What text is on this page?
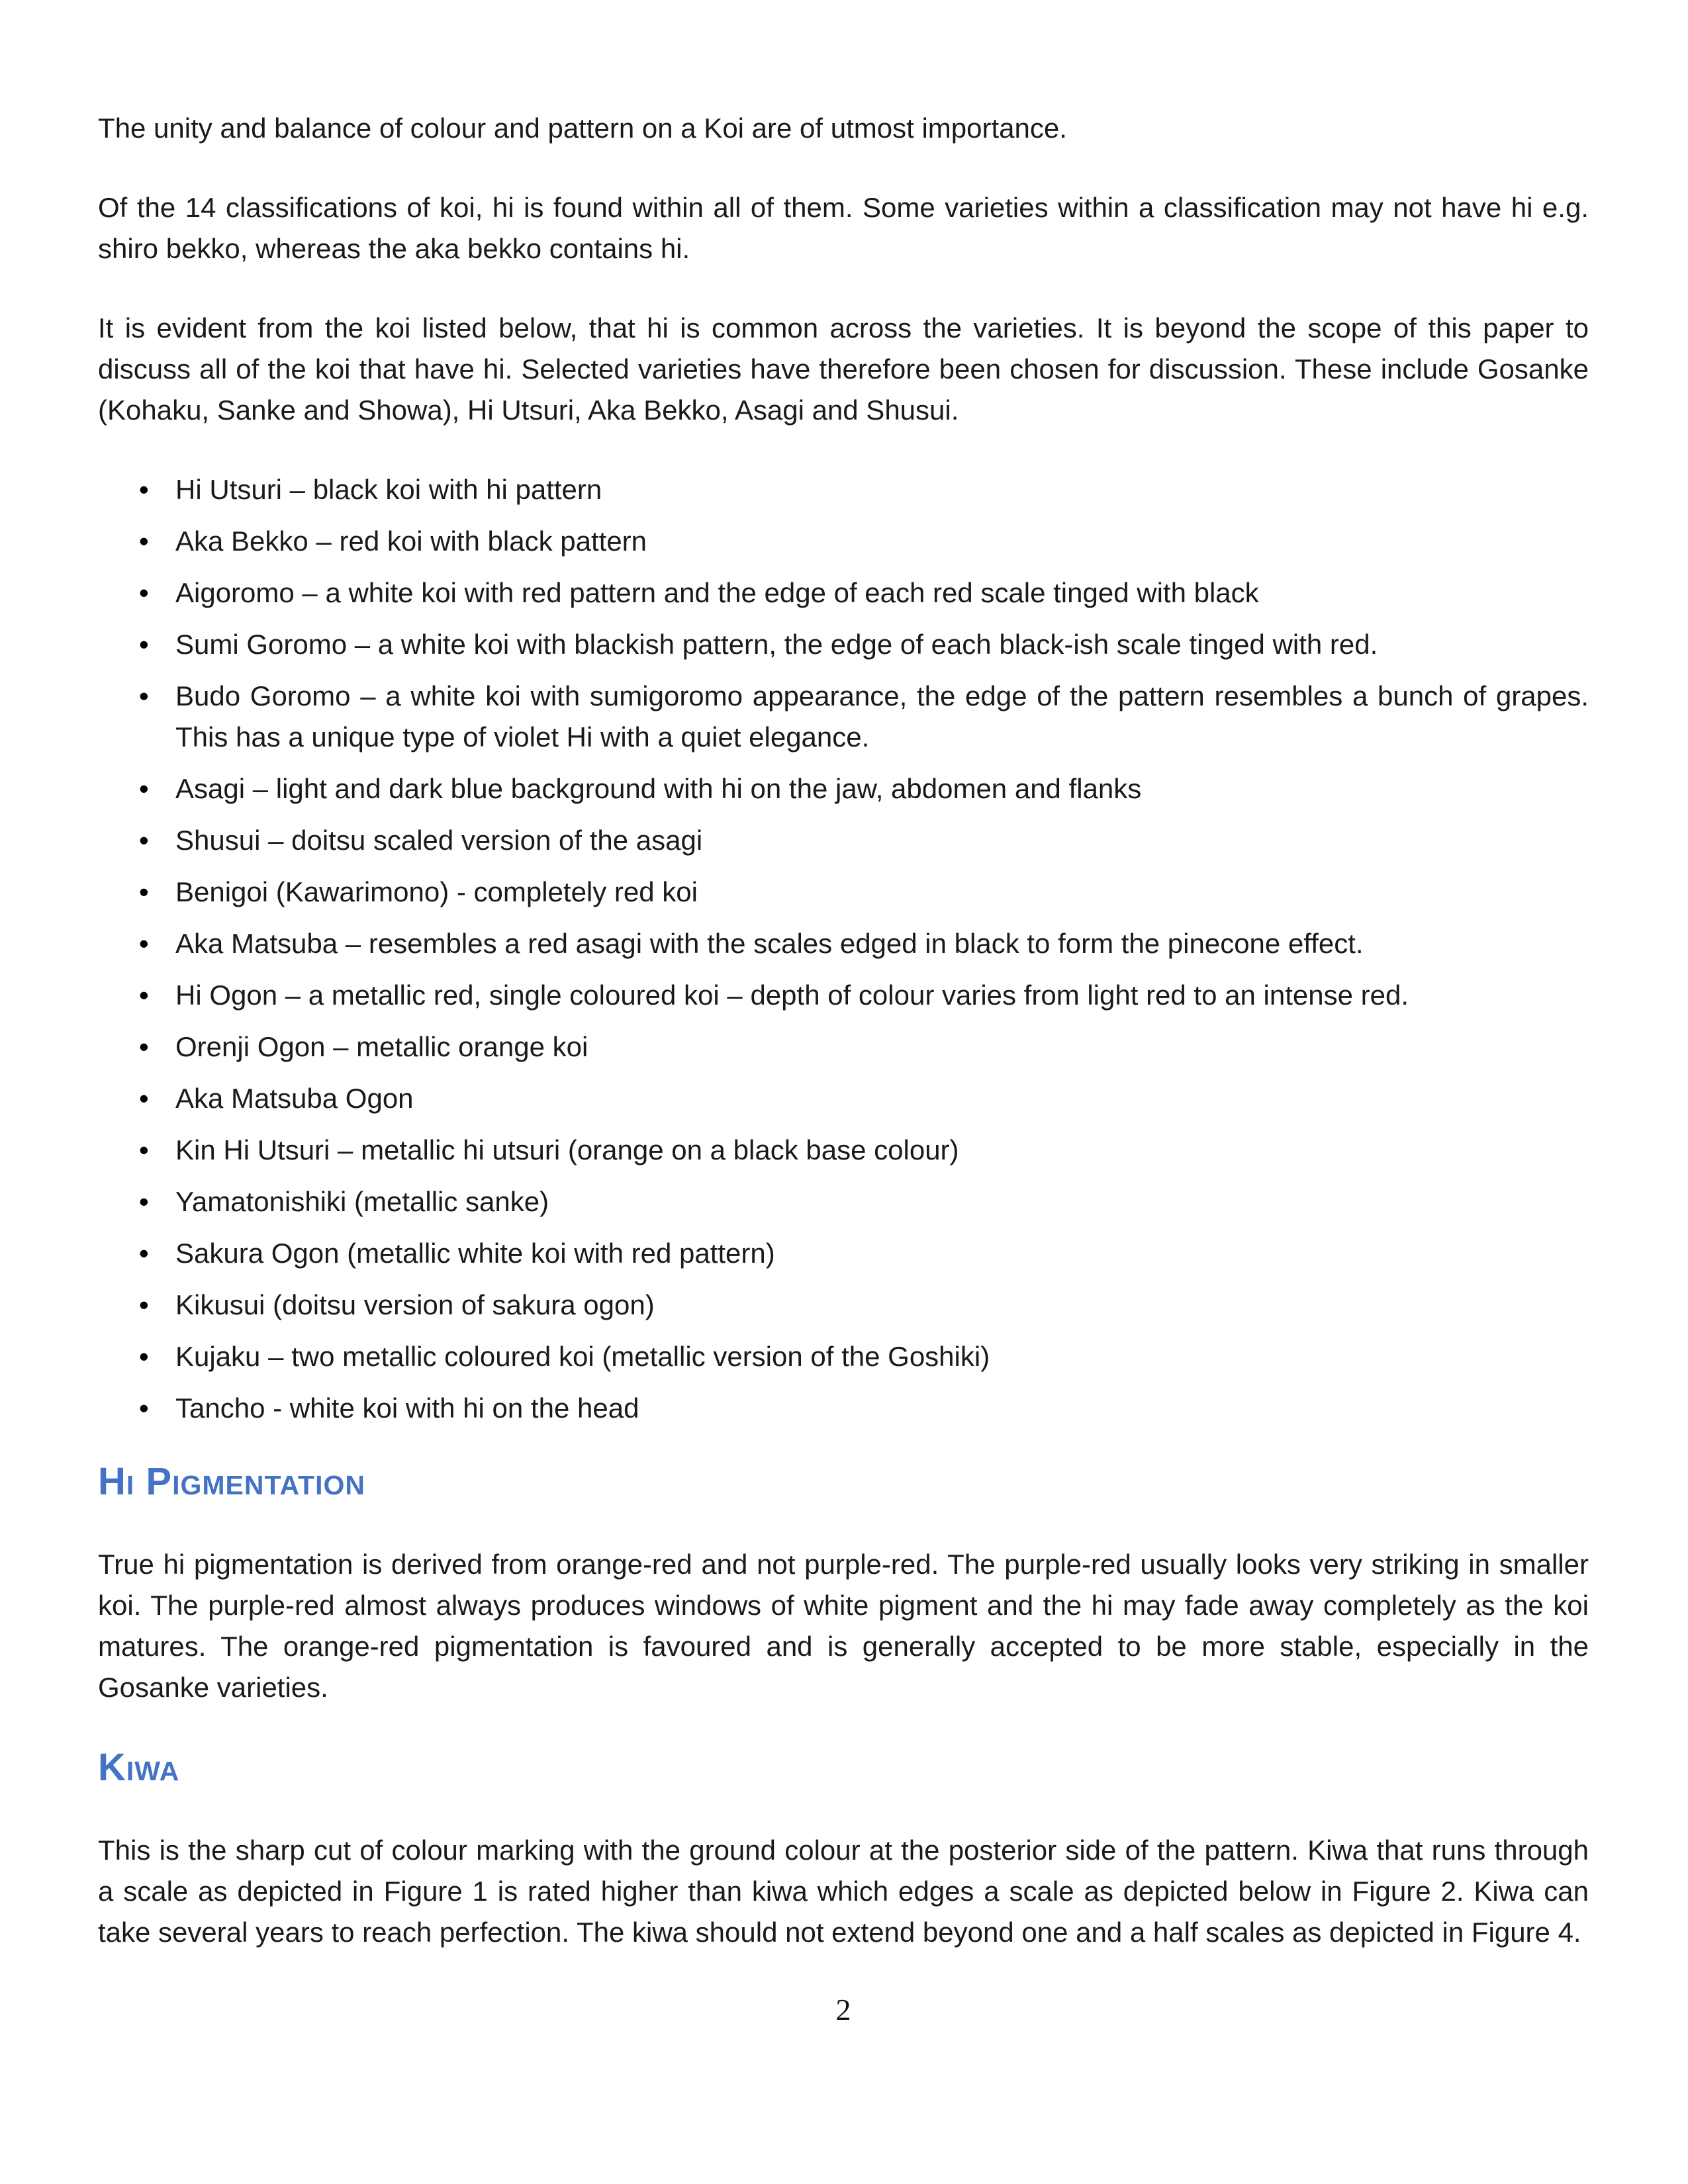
The unity and balance of colour and pattern on a Koi are of utmost importance.

Of the 14 classifications of koi, hi is found within all of them. Some varieties within a classification may not have hi e.g. shiro bekko, whereas the aka bekko contains hi.

It is evident from the koi listed below, that hi is common across the varieties. It is beyond the scope of this paper to discuss all of the koi that have hi. Selected varieties have therefore been chosen for discussion. These include Gosanke (Kohaku, Sanke and Showa), Hi Utsuri, Aka Bekko, Asagi and Shusui.

• Hi Utsuri – black koi with hi pattern
• Aka Bekko – red koi with black pattern
• Aigoromo – a white koi with red pattern and the edge of each red scale tinged with black
• Sumi Goromo – a white koi with blackish pattern, the edge of each black-ish scale tinged with red.
• Budo Goromo – a white koi with sumigoromo appearance, the edge of the pattern resembles a bunch of grapes. This has a unique type of violet Hi with a quiet elegance.
• Asagi – light and dark blue background with hi on the jaw, abdomen and flanks
• Shusui – doitsu scaled version of the asagi
• Benigoi (Kawarimono) - completely red koi
• Aka Matsuba – resembles a red asagi with the scales edged in black to form the pinecone effect.
• Hi Ogon – a metallic red, single coloured koi – depth of colour varies from light red to an intense red.
• Orenji Ogon – metallic orange koi
• Aka Matsuba Ogon
• Kin Hi Utsuri – metallic hi utsuri (orange on a black base colour)
• Yamatonishiki (metallic sanke)
• Sakura Ogon (metallic white koi with red pattern)
• Kikusui (doitsu version of sakura ogon)
• Kujaku – two metallic coloured koi (metallic version of the Goshiki)
• Tancho - white koi with hi on the head
Hi Pigmentation

True hi pigmentation is derived from orange-red and not purple-red. The purple-red usually looks very striking in smaller koi. The purple-red almost always produces windows of white pigment and the hi may fade away completely as the koi matures. The orange-red pigmentation is favoured and is generally accepted to be more stable, especially in the Gosanke varieties.

Kiwa

This is the sharp cut of colour marking with the ground colour at the posterior side of the pattern. Kiwa that runs through a scale as depicted in Figure 1 is rated higher than kiwa which edges a scale as depicted below in Figure 2. Kiwa can take several years to reach perfection. The kiwa should not extend beyond one and a half scales as depicted in Figure 4.

2
